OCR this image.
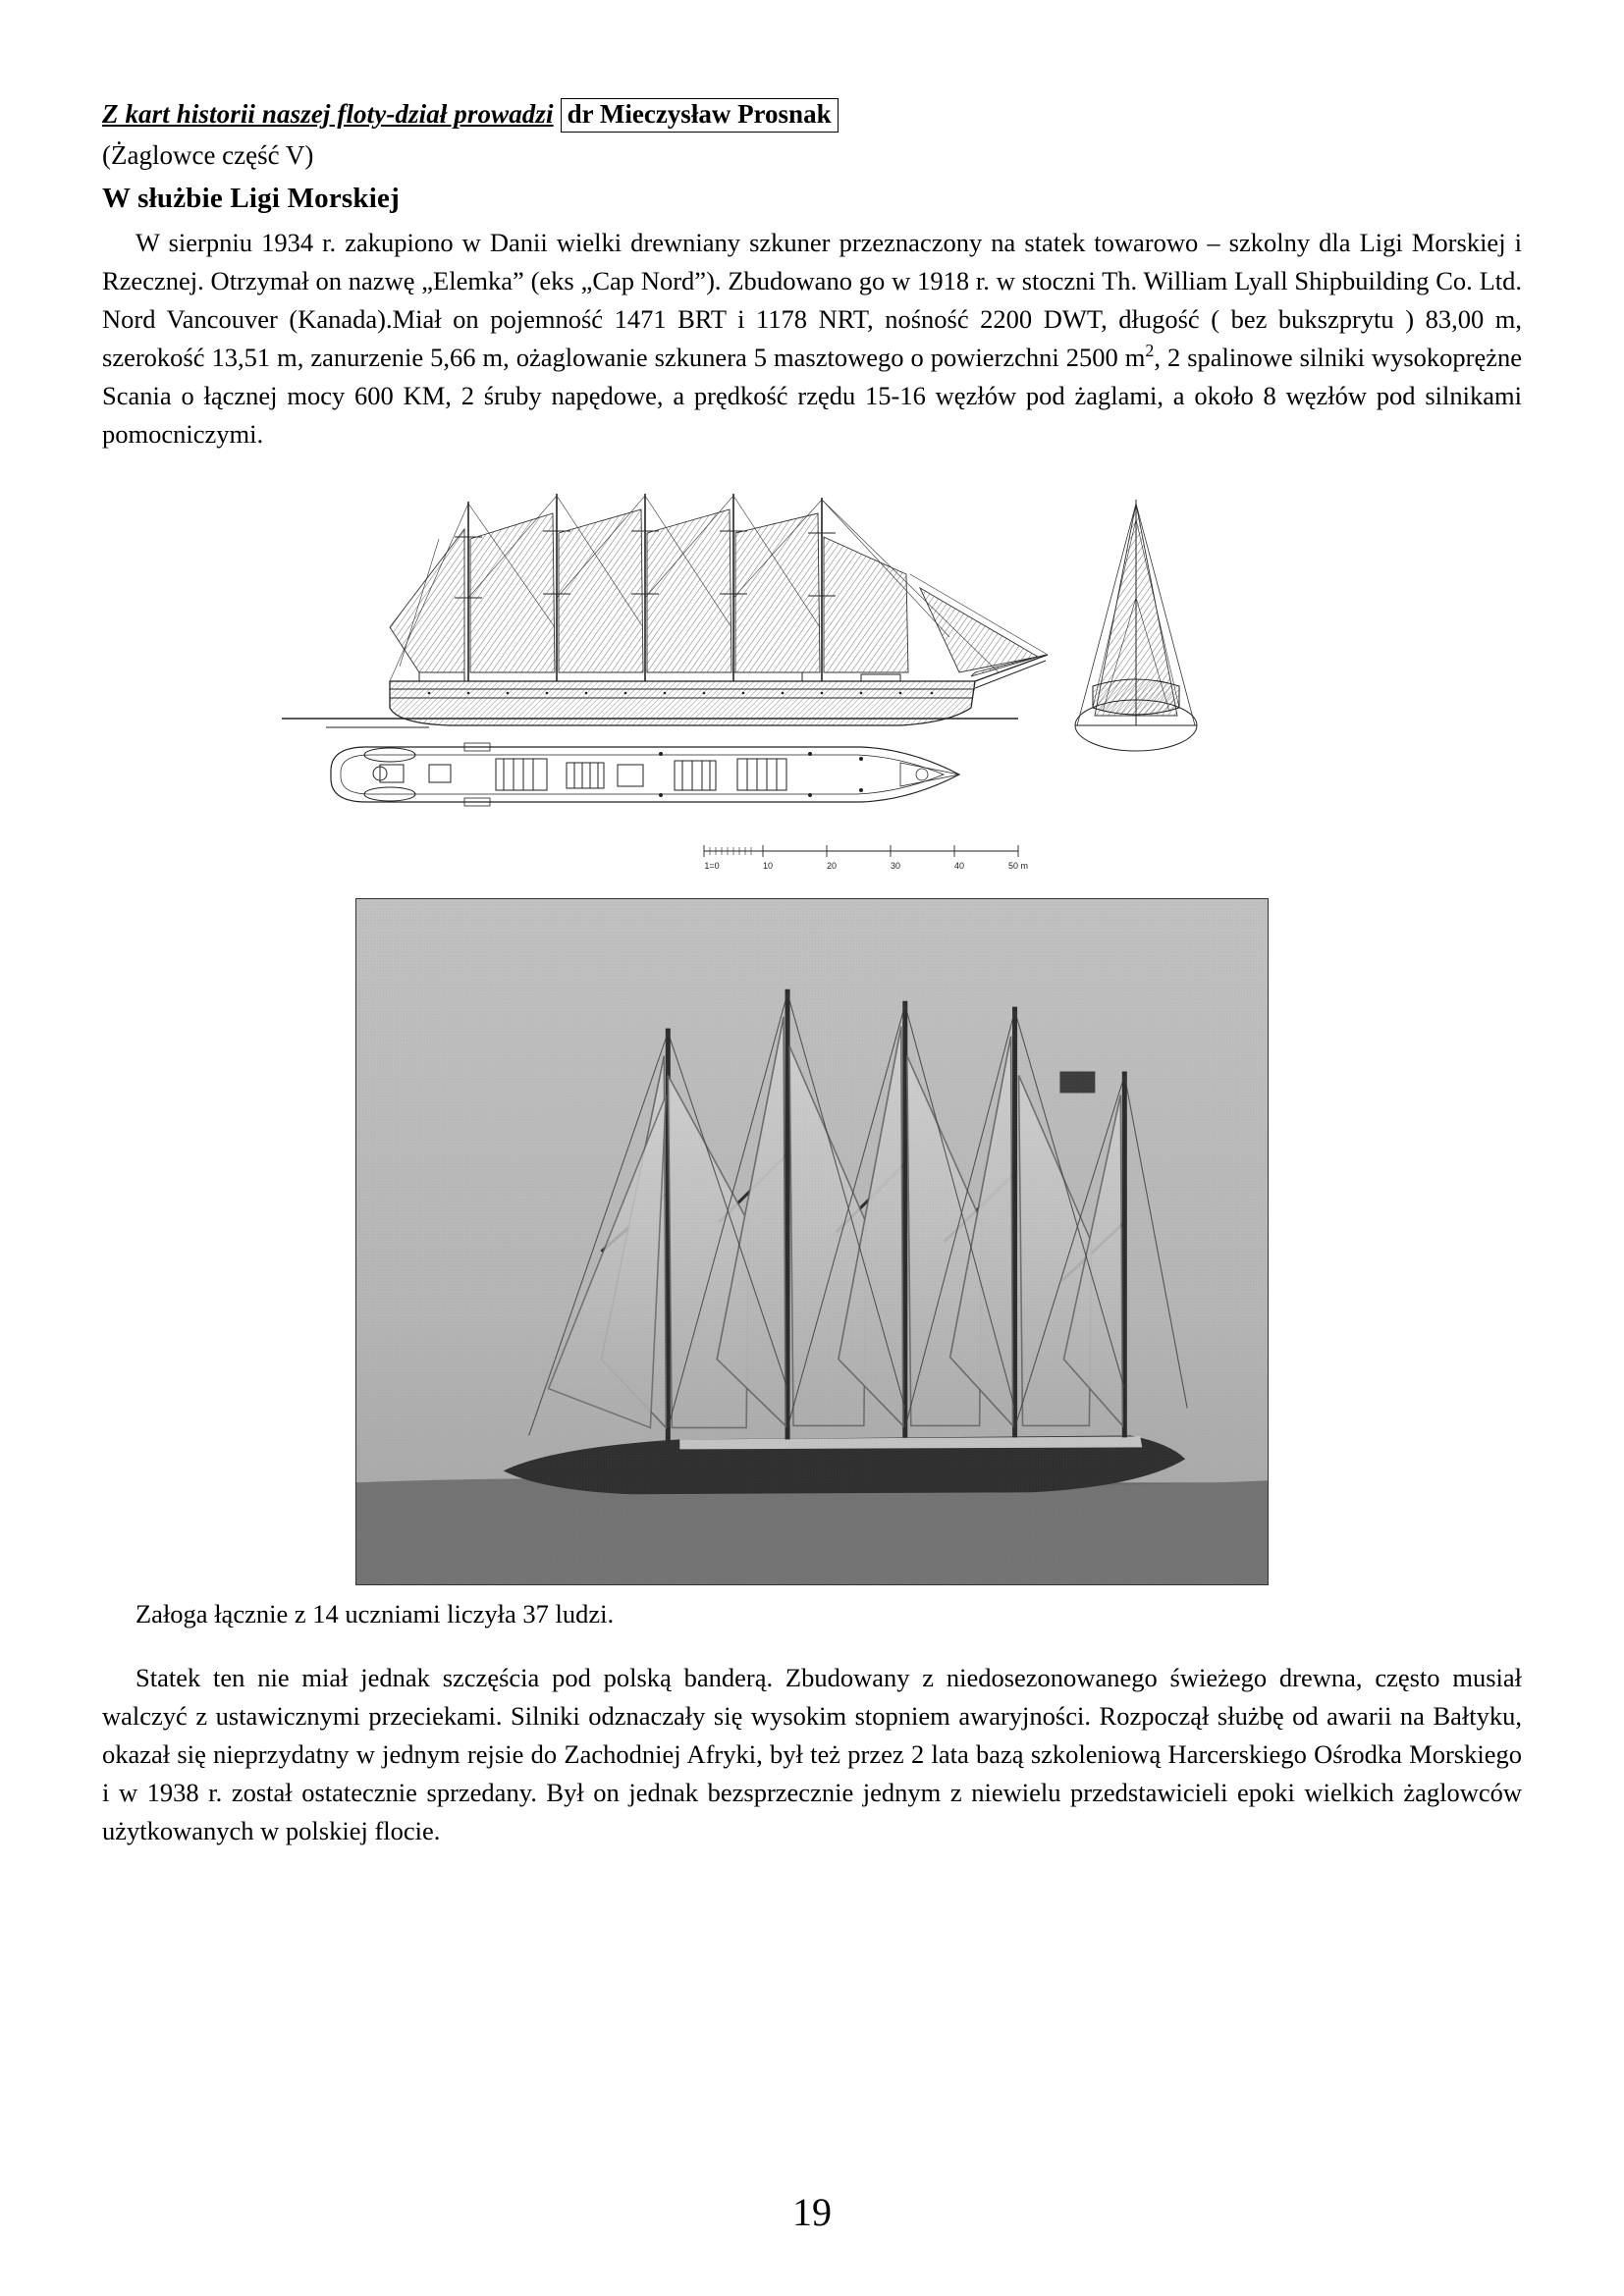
Z kart historii naszej floty-dział prowadzi dr Mieczysław Prosnak
(Żaglowce część V)
W służbie Ligi Morskiej

W sierpniu 1934 r. zakupiono w Danii wielki drewniany szkuner przeznaczony na statek towarowo – szkolny dla Ligi Morskiej i Rzecznej. Otrzymał on nazwę „Elemka” (eks „Cap Nord”). Zbudowano go w 1918 r. w stoczni Th. William Lyall Shipbuilding Co. Ltd. Nord Vancouver (Kanada).Miał on pojemność 1471 BRT i 1178 NRT, nośność 2200 DWT, długość ( bez bukszprytu ) 83,00 m, szerokość 13,51 m, zanurzenie 5,66 m, ożaglowanie szkunera 5 masztowego o powierzchni 2500 $m^2$, 2 spalinowe silniki wysokoprężne Scania o łącznej mocy 600 KM, 2 śruby napędowe, a prędkość rzędu 15-16 węzłów pod żaglami, a około 8 węzłów pod silnikami pomocniczymi.

1=0	10	20	30	40	50 m

Załoga łącznie z 14 uczniami liczyła 37 ludzi.

Statek ten nie miał jednak szczęścia pod polską banderą. Zbudowany z niedosezonowanego świeżego drewna, często musiał walczyć z ustawicznymi przeciekami. Silniki odznaczały się wysokim stopniem awaryjności. Rozpoczął służbę od awarii na Bałtyku, okazał się nieprzydatny w jednym rejsie do Zachodniej Afryki, był też przez 2 lata bazą szkoleniową Harcerskiego Ośrodka Morskiego i w 1938 r. został ostatecznie sprzedany. Był on jednak bezsprzecznie jednym z niewielu przedstawicieli epoki wielkich żaglowców użytkowanych w polskiej flocie.

19
